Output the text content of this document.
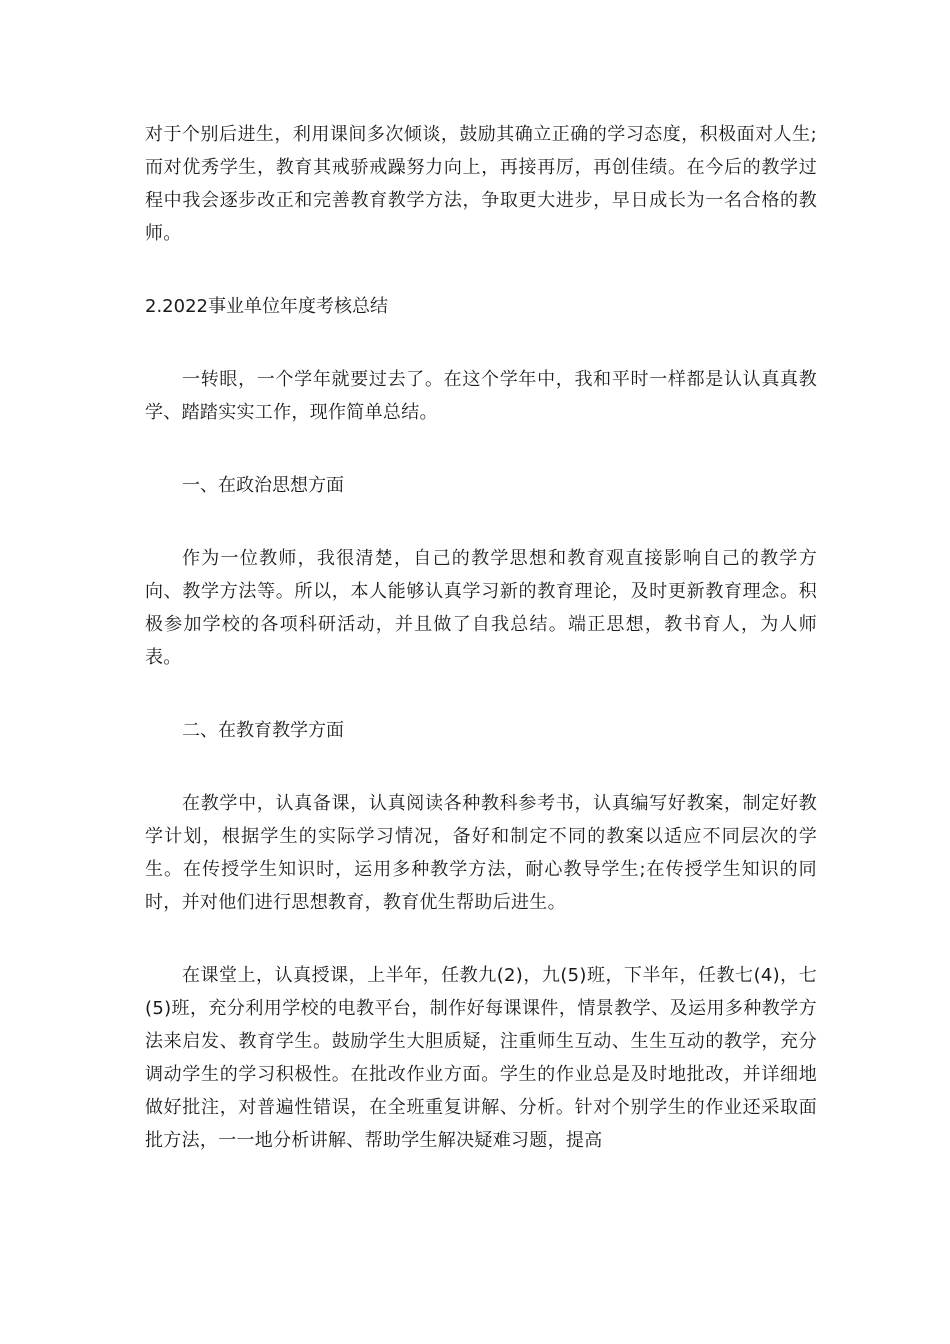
对于个别后进生，利用课间多次倾谈，鼓励其确立正确的学习态度，积极面对人生;而对优秀学生，教育其戒骄戒躁努力向上，再接再厉，再创佳绩。在今后的教学过程中我会逐步改正和完善教育教学方法，争取更大进步，早日成长为一名合格的教师。

2.2022事业单位年度考核总结

一转眼，一个学年就要过去了。在这个学年中，我和平时一样都是认认真真教学、踏踏实实工作，现作简单总结。

一、在政治思想方面

作为一位教师，我很清楚，自己的教学思想和教育观直接影响自己的教学方向、教学方法等。所以，本人能够认真学习新的教育理论，及时更新教育理念。积极参加学校的各项科研活动，并且做了自我总结。端正思想，教书育人，为人师表。

二、在教育教学方面

在教学中，认真备课，认真阅读各种教科参考书，认真编写好教案，制定好教学计划，根据学生的实际学习情况，备好和制定不同的教案以适应不同层次的学生。在传授学生知识时，运用多种教学方法，耐心教导学生;在传授学生知识的同时，并对他们进行思想教育，教育优生帮助后进生。

在课堂上，认真授课，上半年，任教九(2)，九(5)班，下半年，任教七(4)，七(5)班，充分利用学校的电教平台，制作好每课课件，情景教学、及运用多种教学方法来启发、教育学生。鼓励学生大胆质疑，注重师生互动、生生互动的教学，充分调动学生的学习积极性。在批改作业方面。学生的作业总是及时地批改，并详细地做好批注，对普遍性错误，在全班重复讲解、分析。针对个别学生的作业还采取面批方法，一一地分析讲解、帮助学生解决疑难习题，提高
